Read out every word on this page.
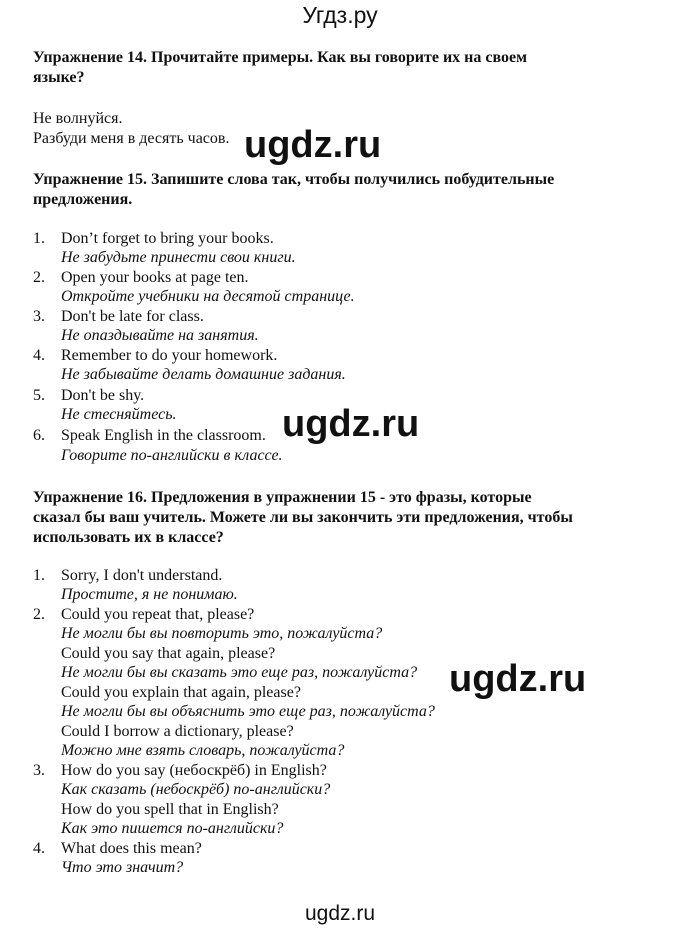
Угдз.ру
Упражнение 14. Прочитайте примеры. Как вы говорите их на своем
языке?
Не волнуйся.
Разбуди меня в десять часов. ugdz.ru
Упражнение 15. Запишите слова так, чтобы получились побудительные
предложения.
1. Don’t forget to bring your books.
Не забудьте принести свои книги.
2. Open your books at page ten.
Откройте учебники на десятой странице.
3. Don't be late for class.
Не опаздывайте на занятия.
4. Remember to do your homework.
Не забывайте делать домашние задания.
5. Don't be shy.
Не стесняйтесь.
6. Speak English in the classroom.
Говорите по-английски в классе.
ugdz.ru
Упражнение 16. Предложения в упражнении 15 - это фразы, которые
сказал бы ваш учитель. Можете ли вы закончить эти предложения, чтобы
использовать их в классе?
1. Sorry, I don't understand.
Простите, я не понимаю.
2. Could you repeat that, please?
Не могли бы вы повторить это, пожалуйста?
Could you say that again, please?
Не могли бы вы сказать это еще раз, пожалуйста?
Could you explain that again, please?
Не могли бы вы объяснить это еще раз, пожалуйста?
Could I borrow a dictionary, please?
Можно мне взять словарь, пожалуйста?
3. How do you say (небоскрёб) in English?
Как сказать (небоскрёб) по-английски?
How do you spell that in English?
Как это пишется по-английски?
4. What does this mean?
Что это значит?
ugdz.ru
ugdz.ru
